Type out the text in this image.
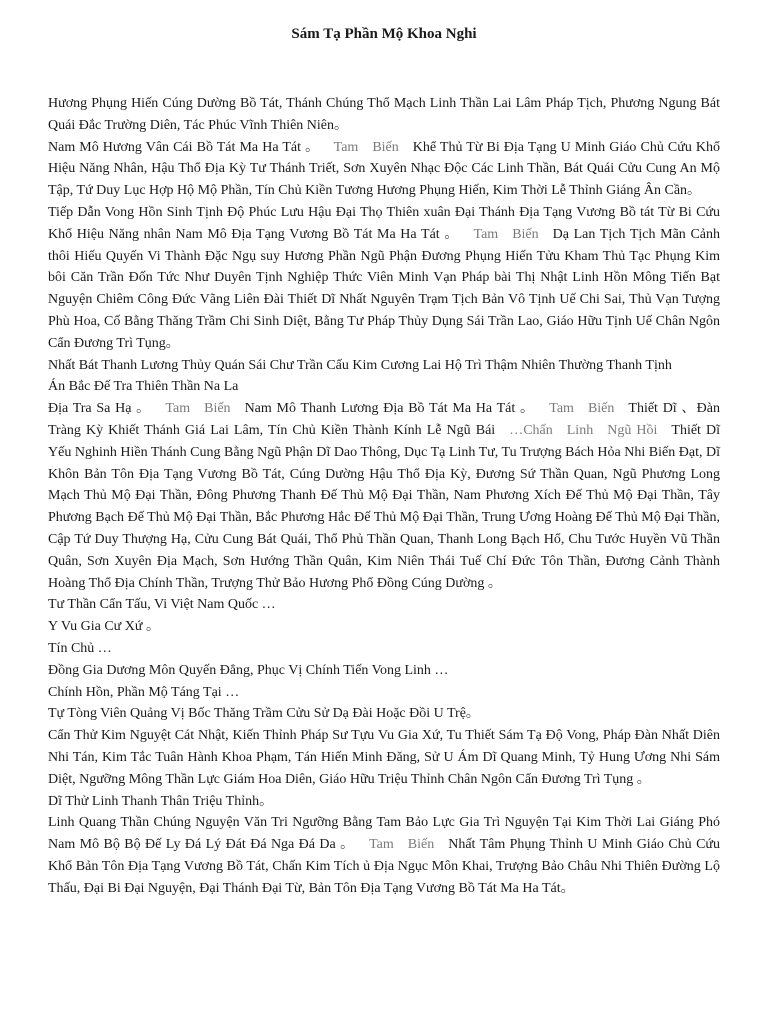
Sám Tạ Phần Mộ Khoa Nghi

Hương Phụng Hiến Cúng Dường Bồ Tát, Thánh Chúng Thổ Mạch Linh Thần Lai Lâm Pháp Tịch, Phương Ngung Bát Quái Đắc Trường Diên, Tác Phúc Vĩnh Thiên Niên。

Nam Mô Hương Vân Cái Bồ Tát Ma Ha Tát 。 Tam Biến Khể Thủ Từ Bi Địa Tạng U Minh Giáo Chủ Cứu Khổ Hiệu Năng Nhân, Hậu Thổ Địa Kỳ Tư Thánh Triết, Sơn Xuyên Nhạc Độc Các Linh Thần, Bát Quái Cửu Cung An Mộ Tập, Tứ Duy Lục Hợp Hộ Mộ Phần, Tín Chủ Kiền Tương Hương Phụng Hiến, Kim Thời Lễ Thỉnh Giáng Ân Cần。

Tiếp Dẫn Vong Hồn Sinh Tịnh Độ Phúc Lưu Hậu Đại Thọ Thiên xuân Đại Thánh Địa Tạng Vương Bồ tát Từ Bi Cứu Khổ Hiệu Năng nhân Nam Mô Địa Tạng Vương Bồ Tát Ma Ha Tát 。 Tam Biến Dạ Lan Tịch Tịch Mãn Cảnh thôi Hiếu Quyến Vi Thành Đặc Ngụ suy Hương Phần Ngũ Phận Đương Phụng Hiến Tửu Kham Thủ Tạc Phụng Kim bôi Căn Trần Đốn Tức Như Duyên Tịnh Nghiệp Thức Viên Minh Vạn Pháp bài Thị Nhật Linh Hồn Mông Tiến Bạt Nguyện Chiêm Công Đức Vãng Liên Đài Thiết Dĩ Nhất Nguyên Trạm Tịch Bản Vô Tịnh Uế Chi Sai, Thủ Vạn Tượng Phù Hoa, Cố Bằng Thăng Trầm Chi Sinh Diệt, Bằng Tư Pháp Thủy Dụng Sái Trần Lao, Giáo Hữu Tịnh Uế Chân Ngôn Cẩn Đương Trì Tụng。

Nhất Bát Thanh Lương Thủy Quán Sái Chư Trần Cấu Kim Cương Lai Hộ Trì Thậm Nhiên Thường Thanh Tịnh

Án Bắc Đế Tra Thiên Thần Na La

Địa Tra Sa Hạ 。 Tam Biến Nam Mô Thanh Lương Địa Bồ Tát Ma Ha Tát 。 Tam Biến Thiết Dĩ 、Đàn Tràng Kỳ Khiết Thánh Giá Lai Lâm, Tín Chủ Kiền Thành Kính Lễ Ngũ Bái …Chấn Linh Ngũ Hồi Thiết Dĩ Yếu Nghinh Hiền Thánh Cung Bằng Ngũ Phận Dĩ Dao Thông, Dục Tạ Linh Tư, Tu Trượng Bách Hỏa Nhi Biến Đạt, Dĩ Khôn Bản Tôn Địa Tạng Vương Bồ Tát, Cúng Dường Hậu Thổ Địa Kỳ, Đương Sứ Thần Quan, Ngũ Phương Long Mạch Thủ Mộ Đại Thần, Đông Phương Thanh Đế Thủ Mộ Đại Thần, Nam Phương Xích Đế Thủ Mộ Đại Thần, Tây Phương Bạch Đế Thủ Mộ Đại Thần, Bắc Phương Hắc Đế Thủ Mộ Đại Thần, Trung Ương Hoàng Đế Thủ Mộ Đại Thần, Cập Tứ Duy Thượng Hạ, Cửu Cung Bát Quái, Thổ Phủ Thần Quan, Thanh Long Bạch Hổ, Chu Tước Huyền Vũ Thần Quân, Sơn Xuyên Địa Mạch, Sơn Hướng Thần Quân, Kim Niên Thái Tuế Chí Đức Tôn Thần, Đương Cảnh Thành Hoàng Thổ Địa Chính Thần, Trượng Thử Bảo Hương Phổ Đồng Cúng Dường 。

Tư Thần Cẩn Tấu, Vi Việt Nam Quốc …

Y Vu Gia Cư Xứ 。

Tín Chủ …

Đồng Gia Dương Môn Quyến Đẳng, Phục Vị Chính Tiến Vong Linh …

Chính Hồn, Phần Mộ Táng Tại …

Tự Tòng Viên Quảng Vị Bốc Thăng Trầm Cửu Sử Dạ Đài Hoặc Đồi U Trệ。

Cẩn Thử Kim Nguyệt Cát Nhật, Kiến Thỉnh Pháp Sư Tựu Vu Gia Xứ, Tu Thiết Sám Tạ Độ Vong, Pháp Đàn Nhất Diên Nhi Tán, Kim Tắc Tuân Hành Khoa Phạm, Tán Hiến Minh Đăng, Sử U Ám Dĩ Quang Minh, Tỷ Hung Ương Nhi Sám Diệt, Ngưỡng Mông Thần Lực Giám Hoa Diên, Giáo Hữu Triệu Thỉnh Chân Ngôn Cẩn Đương Trì Tụng 。

Dĩ Thử Linh Thanh Thân Triệu Thỉnh。

Linh Quang Thần Chúng Nguyện Văn Tri Ngưỡng Bằng Tam Bảo Lực Gia Trì Nguyện Tại Kim Thời Lai Giáng Phó Nam Mô Bộ Bộ Đế Ly Đá Lý Đát Đá Nga Đá Da 。 Tam Biến Nhất Tâm Phụng Thỉnh U Minh Giáo Chủ Cứu Khổ Bản Tôn Địa Tạng Vương Bồ Tát, Chấn Kim Tích ủ Địa Ngục Môn Khai, Trượng Bảo Châu Nhi Thiên Đường Lộ Thấu, Đại Bi Đại Nguyện, Đại Thánh Đại Từ, Bản Tôn Địa Tạng Vương Bồ Tát Ma Ha Tát。
